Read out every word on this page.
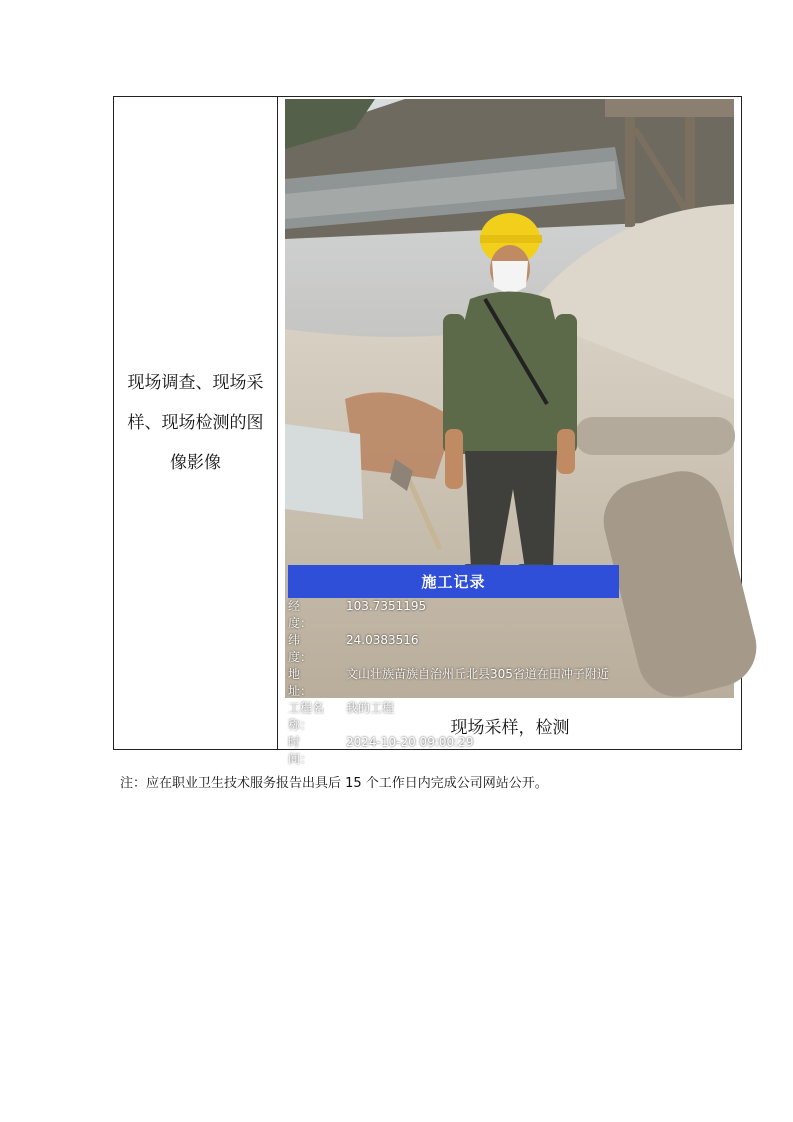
现场调查、现场采样、现场检测的图像影像
施工记录
经　　度：
103.7351195
纬　　度：
24.0383516
地　　址：
文山壮族苗族自治州丘北县305省道在田冲子附近
工程名称：
我的工程
时　　间：
2024-10-20 09:00:29
现场采样，检测
注：应在职业卫生技术服务报告出具后 15 个工作日内完成公司网站公开。
